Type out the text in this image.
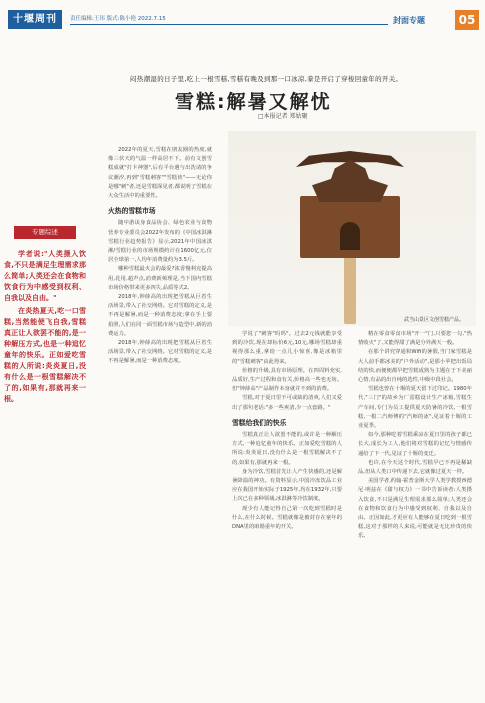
十堰周刊	责任编辑:王玮 版式:陈小艳 2022.7.15	封面专题	05
闷热潮湿的日子里,吃上一根雪糕,雪糕有晚及到那一口冰凉,豢是开启了穿梭回童年的开关。
雪糕:解暑又解忧
□本报记者 郑姑聚
专题综述

学者说:"人类摄入饮食,不只是满足生理需求那么简单;人类还会在食物和饮食行为中感受到权利、自我以及自由。"

在炎热夏天,吃一口雪糕,当然能使飞自我,雪糕真正让人欲罢不能的,是一种解压方式,也是一种追忆童年的快乐。正如爱吃雪糕的人所说:炎炎夏日,没有什么是一根雪糕解决不了的,如果有,那就再来一根。

武当山景区文创雪糕产品。

2022年的夏天,雪糕在朋友圈的热度,就像三伏天的气温一样高居不下。前有文创雪糕成就"打卡神器",后有平台遇与出洗请的争议潮汐,再到"雪糕刺客""雪糕侠"——无论你是哪"刺"者,还是雪糕深见者,都说明了雪糕在大众生活中的重要性。

火热的雪糕市场

随中游诀身食品协会、绿色农业与食物营养专业委员会2022年发布的《中国冰淇淋雪糕行业趋势报告》显示,2021年中国冰淇淋/雪糕行业的市场规模约计在1600亿元,位居全球第一,人均年消费量约为3.5斤。

哪种雪糕最火会的最爱?浓香慢利克提高用,花用,超声点,消费新频理是,当下国内雪糕市场价格带来更多四失,品质等式2。

2018年,钟薛高的出现把雪糕从巨省生活场景,带入了社交网络。它对雪糕的定义,是不再是解暑,而是一种消费态度;拿在手上要拍照,人们在同一面雪糕市场与造型中,新的消费运力。

2018年,钟薛高的出现把雪糕从巨省生活场景,带入了社交网络。它对雪糕的定义,是不再是解暑,而是一种消费态度。

学说了"刺客"吗吗"。过去2元钱就能享受到的冷饮,现在却标价6元,10元,哪场雪糕却重视得那么重,拿给一点儿小惊喜,像是冰箱里的"雪糕刺客"由此得来。

价格的升级,具有市场原理。在四周料充实,品质好,生产过程和食有关,价格高一些也无妨。但"钟薛高"产品制作本身就并不到的消费。

雪糕,对于夏日里不可或缺的清爽,人们又爱出了那句老话:"多一些爽清,少一点套路。"

雪糕给我们的快乐

雪糕真正让人欲罢不能的,或许是一种解压方式,一种追忆童年的快乐。正如爱吃雪糕的人所说:炎炎夏日,没有什么是一根雪糕解决不了的,如果有,那就再来一根。

身为冷饮,雪糕首先让人产生快感的,还是解暑降温的神功。有资料显示,中国冷冻饮品工业应在我国开始实际于1925年,均在1932年,只要上次已在多种领域,冰淇淋等冷饮制度。

现少有人能记得自己第一次吃到雪糕时是什么,在什么时候。雪糕就像是被封存在童年的DNA里的咱婚重年的开关。

精在零食零食市场"开一"门,只要您一勾,"热情收火"了,又能得甜了满是分外满天一般。

在那个讲究穿通和Wifi的暑假,当门家雪糕是大人前手都冰美的"户外活动",是那小苹把出饭局结的快,而便便都早把雪糕成熟为主题在于下美丽心情,有品的出自纯的选性,中级中段社会。

雪糕也曾在十堰的夏天留下过印记。1980年代,"三门"的故乡为厂雷糕设计生产冰箱,雪糕生产车间,专门为员工提供夏天防暑的冷饮,一根雪糕,一根二汽师傅的"汽师的冰",见证着十堰的工业夏季。

如今,那种吃着雪糕乘凉在夏日里的孩子都已长大,成长为工人,他们将对雪糕的记忆与情感传递给了下一代,见证了十堰的变迁。

也许,在今天这个时代,雪糕早已不再是稀缺品,但从人类口中传递下去,它就像过夏天一样。

美国学者,约翰·霍普金斯大学人类学教授西德尼·明兹在《甜与权力》一书中告诉读者:人类摄入饮食,不只是满足生理需求那么简单;人类还会在食物和饮食行为中感受到权利、自我以及自由。正因如此,才更应有人能够在夏日吃到一根雪糕,这对于那样的人来说,可能就是无比珍贵的快乐。
